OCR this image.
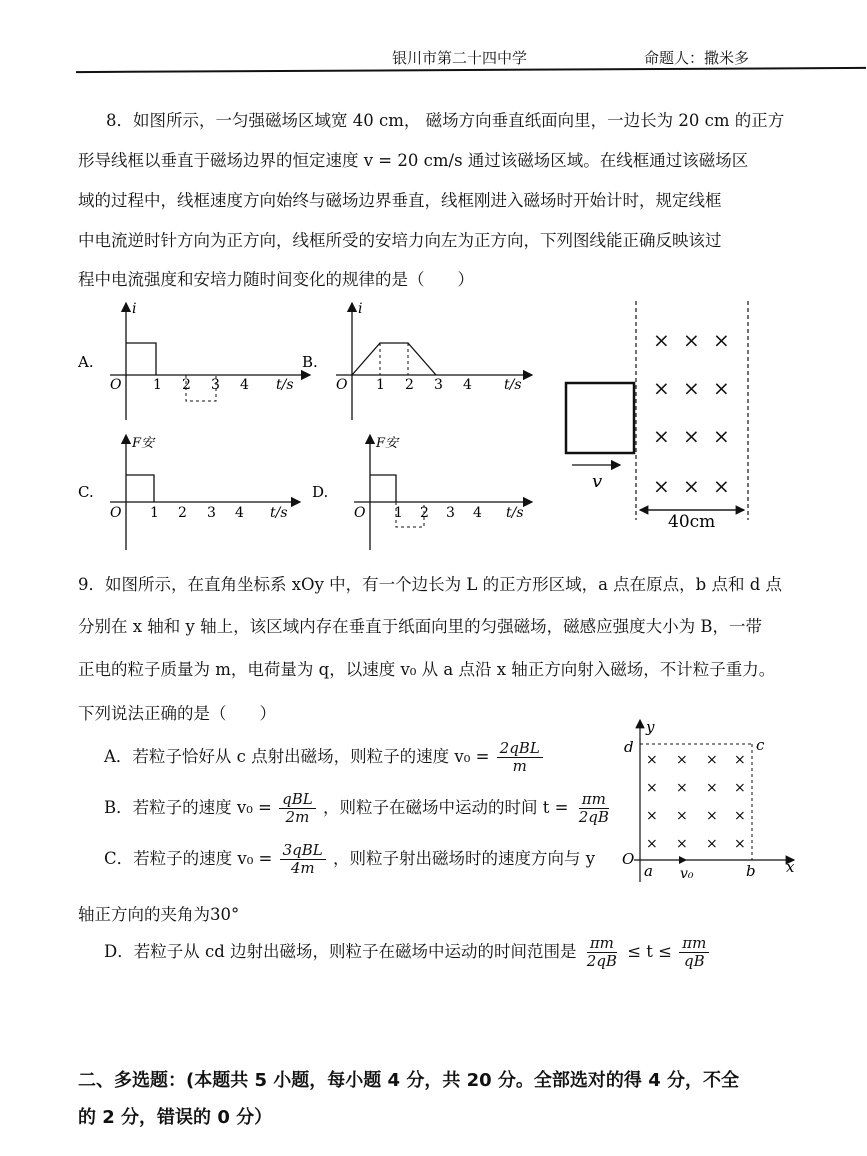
银川市第二十四中学	命题人：撒米多
8．如图所示，一匀强磁场区域宽 40 cm， 磁场方向垂直纸面向里，一边长为 20 cm 的正方
形导线框以垂直于磁场边界的恒定速度 v = 20 cm/s 通过该磁场区域。在线框通过该磁场区
域的过程中，线框速度方向始终与磁场边界垂直，线框刚进入磁场时开始计时，规定线框
中电流逆时针方向为正方向，线框所受的安培力向左为正方向，下列图线能正确反映该过
程中电流强度和安培力随时间变化的规律的是（　　）
A.
i
O	t/s
1 2 3 4
B.
i
O	t/s
1 2 3 4
C.
F安
O	t/s
1 2 3 4
D.
F安
O	t/s
1 2 3 4
v
× × ×
× × ×
× × ×
× × ×
40cm
9．如图所示，在直角坐标系 xOy 中，有一个边长为 L 的正方形区域，a 点在原点，b 点和 d 点
分别在 x 轴和 y 轴上，该区域内存在垂直于纸面向里的匀强磁场，磁感应强度大小为 B，一带
正电的粒子质量为 m，电荷量为 q，以速度 v₀ 从 a 点沿 x 轴正方向射入磁场，不计粒子重力。
下列说法正确的是（　　）
A．若粒子恰好从 c 点射出磁场，则粒子的速度 $v_0 = \frac{\text{2qBL}}{m}$
B．若粒子的速度 $v_0 = \frac{\text{qBL}}{2m}$ ，则粒子在磁场中运动的时间 $t = \frac{\pi m}{2qB}$
C．若粒子的速度 $v_0 = \frac{\text{3qBL}}{4m}$ ，则粒子射出磁场时的速度方向与 y
轴正方向的夹角为30°
D．若粒子从 cd 边射出磁场，则粒子在磁场中运动的时间范围是 $\frac{\pi m}{2qB} \le t \le \frac{\pi m}{qB}$
y
x
d	c
O
a	b
v₀
× × × ×
× × × ×
× × × ×
× × × ×
二、多选题：(本题共 5 小题，每小题 4 分，共 20 分。全部选对的得 4 分，不全
的 2 分，错误的 0 分）
